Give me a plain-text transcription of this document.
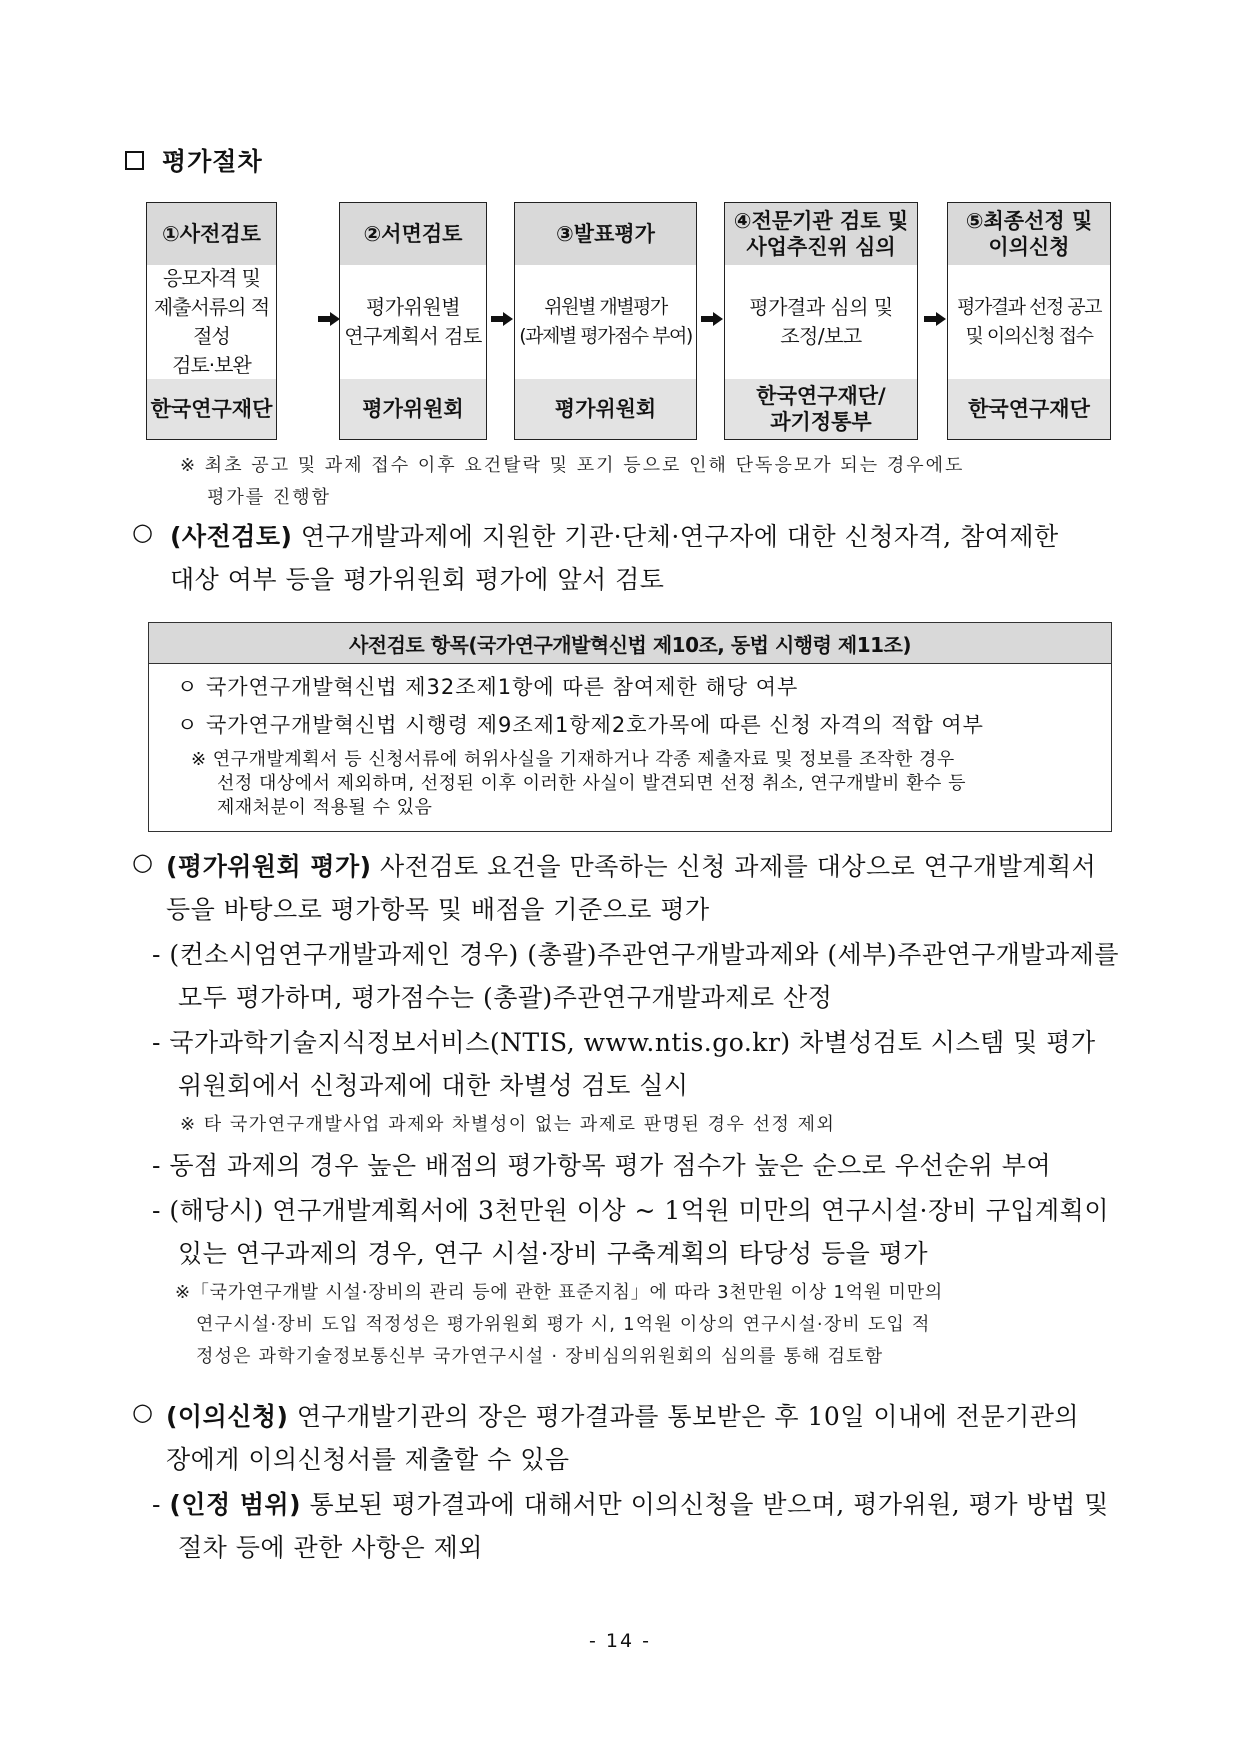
평가절차
①사전검토
응모자격 및
제출서류의 적절성
검토·보완
한국연구재단
②서면검토
평가위원별
연구계획서 검토
평가위원회
③발표평가
위원별 개별평가
(과제별 평가점수 부여)
평가위원회
④전문기관 검토 및
사업추진위 심의
평가결과 심의 및
조정/보고
한국연구재단/
과기정통부
⑤최종선정 및
이의신청
평가결과 선정 공고
및 이의신청 접수
한국연구재단
※ 최초 공고 및 과제 접수 이후 요건탈락 및 포기 등으로 인해 단독응모가 되는 경우에도
평가를 진행함
○ (사전검토) 연구개발과제에 지원한 기관·단체·연구자에 대한 신청자격, 참여제한
대상 여부 등을 평가위원회 평가에 앞서 검토
사전검토 항목(국가연구개발혁신법 제10조, 동법 시행령 제11조)
ㅇ 국가연구개발혁신법 제32조제1항에 따른 참여제한 해당 여부
ㅇ 국가연구개발혁신법 시행령 제9조제1항제2호가목에 따른 신청 자격의 적합 여부
※ 연구개발계획서 등 신청서류에 허위사실을 기재하거나 각종 제출자료 및 정보를 조작한 경우
선정 대상에서 제외하며, 선정된 이후 이러한 사실이 발견되면 선정 취소, 연구개발비 환수 등
제재처분이 적용될 수 있음
○ (평가위원회 평가) 사전검토 요건을 만족하는 신청 과제를 대상으로 연구개발계획서
등을 바탕으로 평가항목 및 배점을 기준으로 평가
- (컨소시엄연구개발과제인 경우) (총괄)주관연구개발과제와 (세부)주관연구개발과제를
모두 평가하며, 평가점수는 (총괄)주관연구개발과제로 산정
- 국가과학기술지식정보서비스(NTIS, www.ntis.go.kr) 차별성검토 시스템 및 평가
위원회에서 신청과제에 대한 차별성 검토 실시
※ 타 국가연구개발사업 과제와 차별성이 없는 과제로 판명된 경우 선정 제외
- 동점 과제의 경우 높은 배점의 평가항목 평가 점수가 높은 순으로 우선순위 부여
- (해당시) 연구개발계획서에 3천만원 이상 ~ 1억원 미만의 연구시설·장비 구입계획이
있는 연구과제의 경우, 연구 시설·장비 구축계획의 타당성 등을 평가
※「국가연구개발 시설·장비의 관리 등에 관한 표준지침」에 따라 3천만원 이상 1억원 미만의
연구시설·장비 도입 적정성은 평가위원회 평가 시, 1억원 이상의 연구시설·장비 도입 적
정성은 과학기술정보통신부 국가연구시설 · 장비심의위원회의 심의를 통해 검토함
○ (이의신청) 연구개발기관의 장은 평가결과를 통보받은 후 10일 이내에 전문기관의
장에게 이의신청서를 제출할 수 있음
- (인정 범위) 통보된 평가결과에 대해서만 이의신청을 받으며, 평가위원, 평가 방법 및
절차 등에 관한 사항은 제외
- 14 -
